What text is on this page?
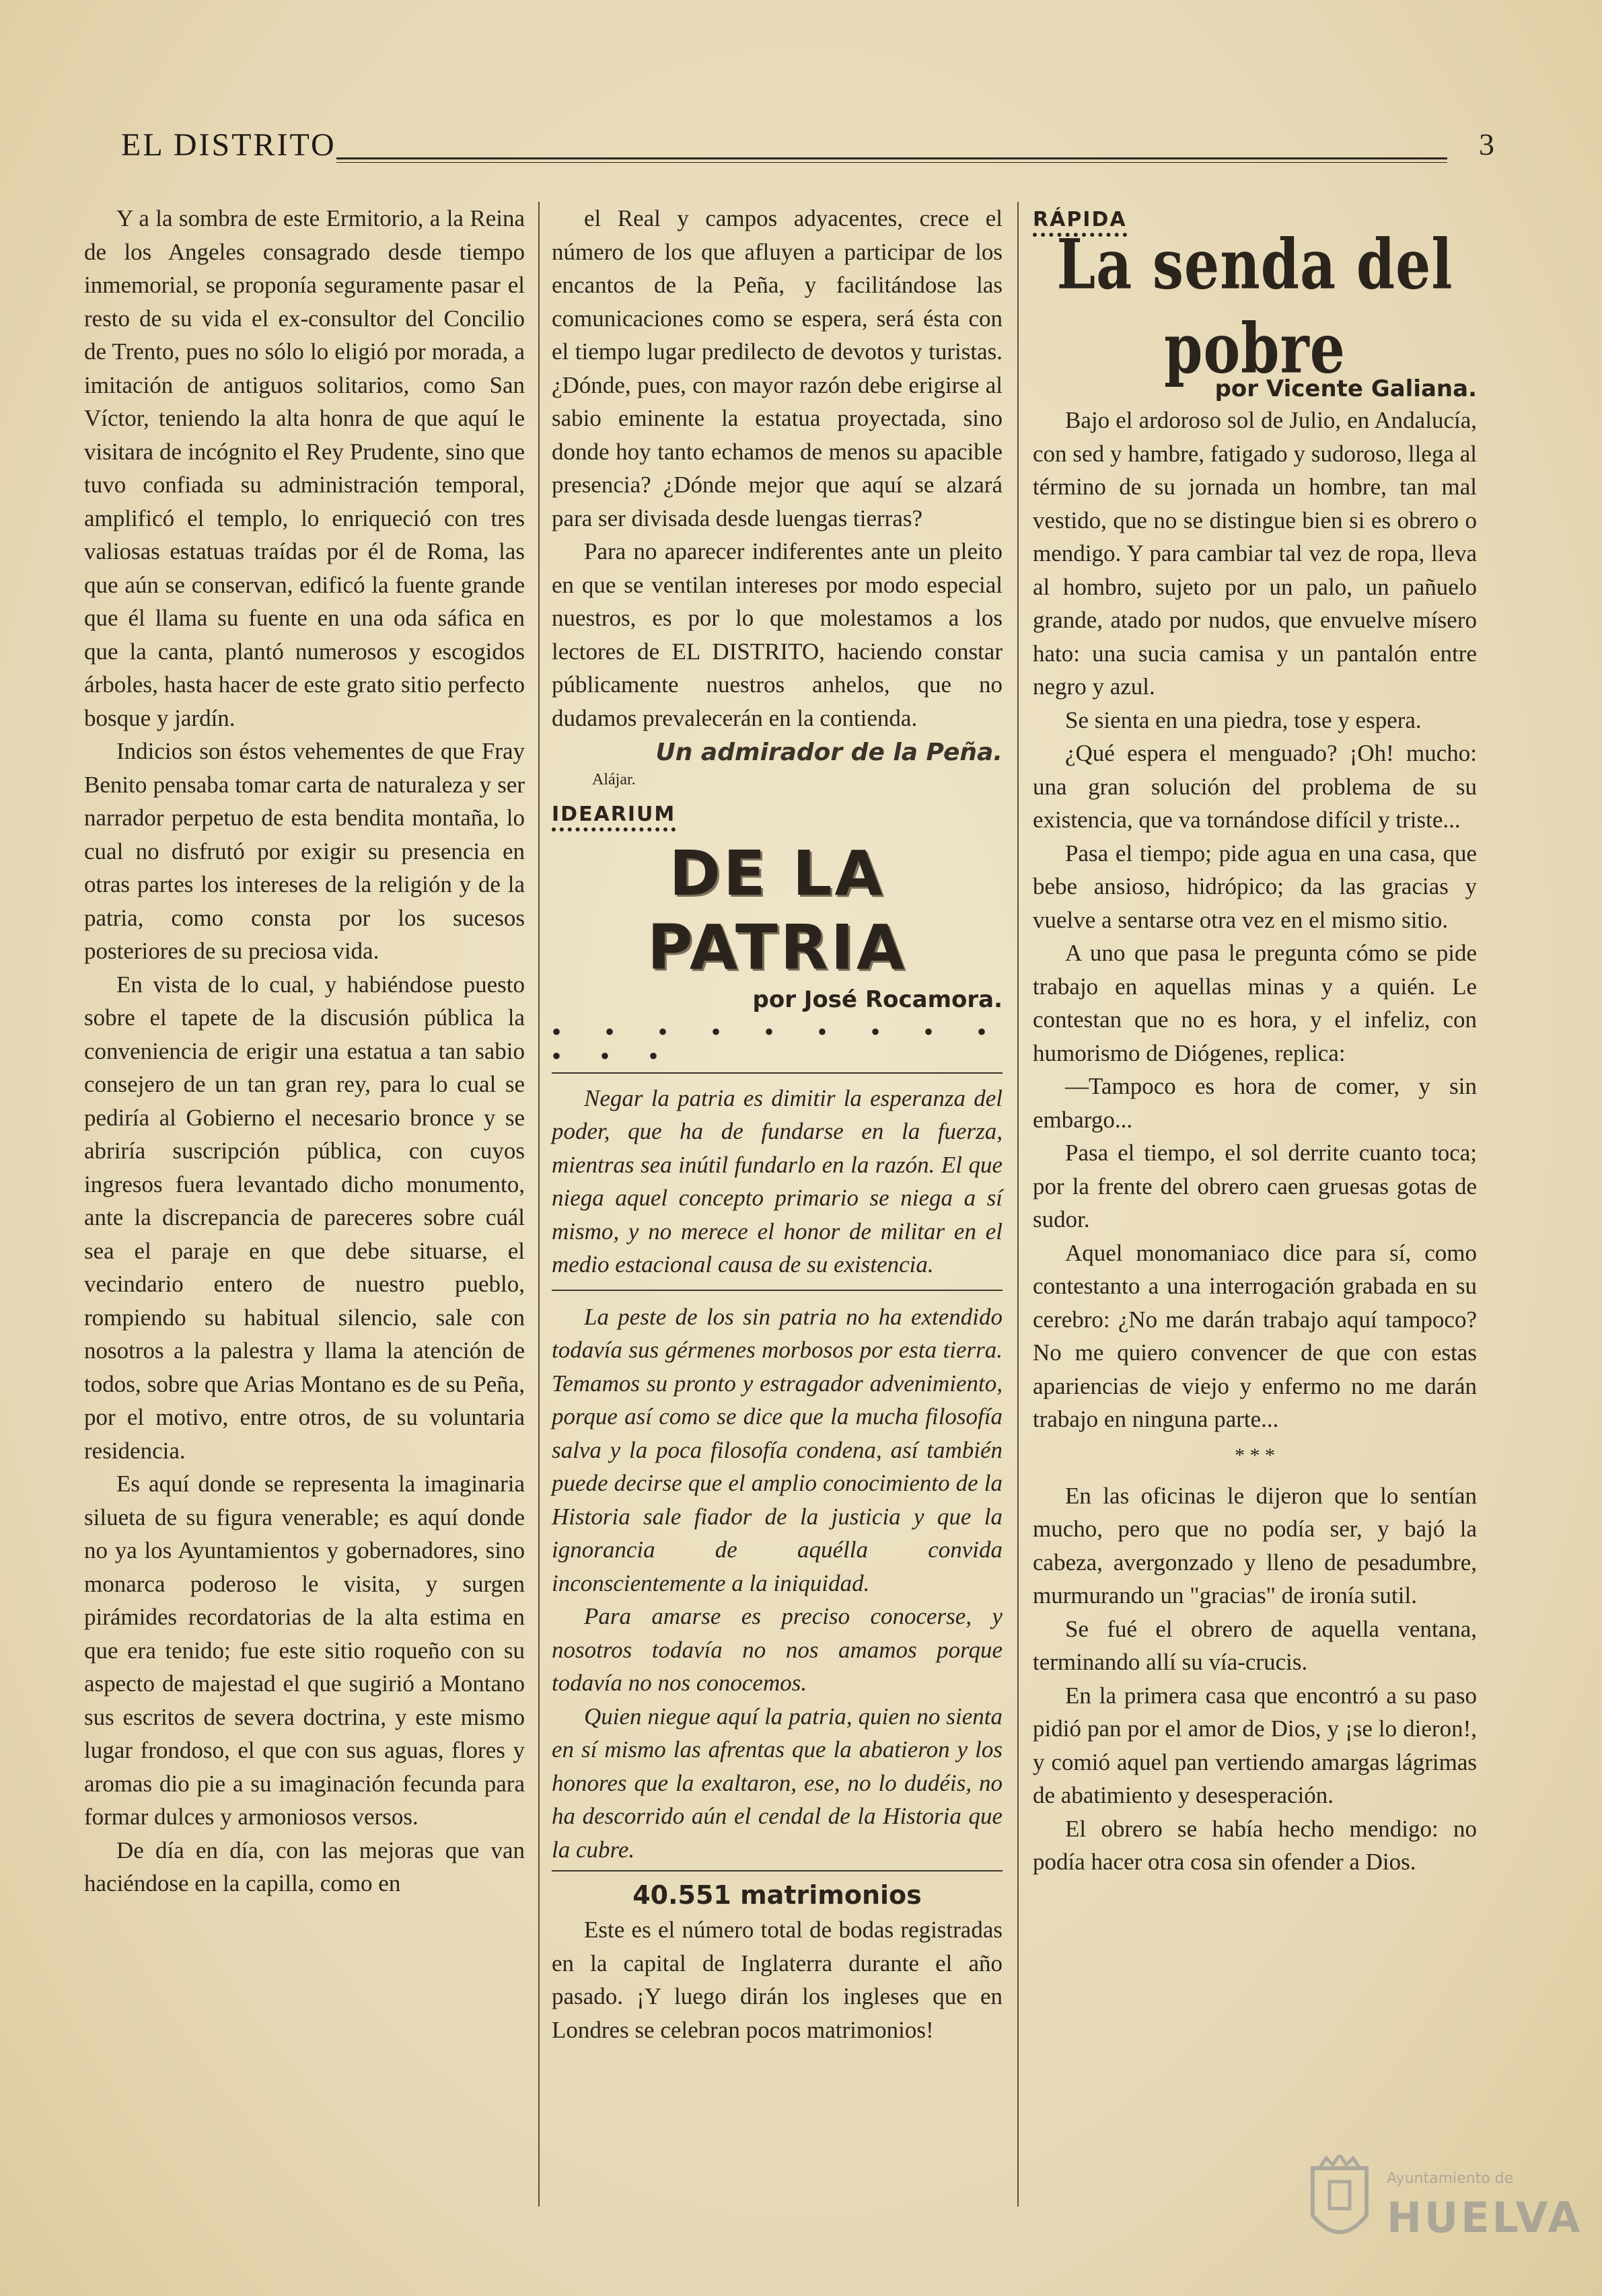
EL DISTRITO	3

Y a la sombra de este Ermitorio, a la Reina de los Angeles consagrado desde tiempo inmemorial, se proponía seguramente pasar el resto de su vida el ex-consultor del Concilio de Trento, pues no sólo lo eligió por morada, a imitación de antiguos solitarios, como San Víctor, teniendo la alta honra de que aquí le visitara de incógnito el Rey Prudente, sino que tuvo confiada su administración temporal, amplificó el templo, lo enriqueció con tres valiosas estatuas traídas por él de Roma, las que aún se conservan, edificó la fuente grande que él llama su fuente en una oda sáfica en que la canta, plantó numerosos y escogidos árboles, hasta hacer de este grato sitio perfecto bosque y jardín.

Indicios son éstos vehementes de que Fray Benito pensaba tomar carta de naturaleza y ser narrador perpetuo de esta bendita montaña, lo cual no disfrutó por exigir su presencia en otras partes los intereses de la religión y de la patria, como consta por los sucesos posteriores de su preciosa vida.

En vista de lo cual, y habiéndose puesto sobre el tapete de la discusión pública la conveniencia de erigir una estatua a tan sabio consejero de un tan gran rey, para lo cual se pediría al Gobierno el necesario bronce y se abriría suscripción pública, con cuyos ingresos fuera levantado dicho monumento, ante la discrepancia de pareceres sobre cuál sea el paraje en que debe situarse, el vecindario entero de nuestro pueblo, rompiendo su habitual silencio, sale con nosotros a la palestra y llama la atención de todos, sobre que Arias Montano es de su Peña, por el motivo, entre otros, de su voluntaria residencia.

Es aquí donde se representa la imaginaria silueta de su figura venerable; es aquí donde no ya los Ayuntamientos y gobernadores, sino monarca poderoso le visita, y surgen pirámides recordatorias de la alta estima en que era tenido; fue este sitio roqueño con su aspecto de majestad el que sugirió a Montano sus escritos de severa doctrina, y este mismo lugar frondoso, el que con sus aguas, flores y aromas dio pie a su imaginación fecunda para formar dulces y armoniosos versos.

De día en día, con las mejoras que van haciéndose en la capilla, como en

el Real y campos adyacentes, crece el número de los que afluyen a participar de los encantos de la Peña, y facilitándose las comunicaciones como se espera, será ésta con el tiempo lugar predilecto de devotos y turistas. ¿Dónde, pues, con mayor razón debe erigirse al sabio eminente la estatua proyectada, sino donde hoy tanto echamos de menos su apacible presencia? ¿Dónde mejor que aquí se alzará para ser divisada desde luengas tierras?

Para no aparecer indiferentes ante un pleito en que se ventilan intereses por modo especial nuestros, es por lo que molestamos a los lectores de EL DISTRITO, haciendo constar públicamente nuestros anhelos, que no dudamos prevalecerán en la contienda.

Un admirador de la Peña.
Alájar.
IDEARIUM
DE LA PATRIA
por José Rocamora.
• • • • • • • • • • • •

Negar la patria es dimitir la esperanza del poder, que ha de fundarse en la fuerza, mientras sea inútil fundarlo en la razón. El que niega aquel concepto primario se niega a sí mismo, y no merece el honor de militar en el medio estacional causa de su existencia.

La peste de los sin patria no ha extendido todavía sus gérmenes morbosos por esta tierra. Temamos su pronto y estragador advenimiento, porque así como se dice que la mucha filosofía salva y la poca filosofía condena, así también puede decirse que el amplio conocimiento de la Historia sale fiador de la justicia y que la ignorancia de aquélla convida inconscientemente a la iniquidad.

Para amarse es preciso conocerse, y nosotros todavía no nos amamos porque todavía no nos conocemos.

Quien niegue aquí la patria, quien no sienta en sí mismo las afrentas que la abatieron y los honores que la exaltaron, ese, no lo dudéis, no ha descorrido aún el cendal de la Historia que la cubre.

40.551 matrimonios

Este es el número total de bodas registradas en la capital de Inglaterra durante el año pasado. ¡Y luego dirán los ingleses que en Londres se celebran pocos matrimonios!

RÁPIDA
La senda del pobre
por Vicente Galiana.

Bajo el ardoroso sol de Julio, en Andalucía, con sed y hambre, fatigado y sudoroso, llega al término de su jornada un hombre, tan mal vestido, que no se distingue bien si es obrero o mendigo. Y para cambiar tal vez de ropa, lleva al hombro, sujeto por un palo, un pañuelo grande, atado por nudos, que envuelve mísero hato: una sucia camisa y un pantalón entre negro y azul.

Se sienta en una piedra, tose y espera.

¿Qué espera el menguado? ¡Oh! mucho: una gran solución del problema de su existencia, que va tornándose difícil y triste...

Pasa el tiempo; pide agua en una casa, que bebe ansioso, hidrópico; da las gracias y vuelve a sentarse otra vez en el mismo sitio.

A uno que pasa le pregunta cómo se pide trabajo en aquellas minas y a quién. Le contestan que no es hora, y el infeliz, con humorismo de Diógenes, replica:

—Tampoco es hora de comer, y sin embargo...

Pasa el tiempo, el sol derrite cuanto toca; por la frente del obrero caen gruesas gotas de sudor.

Aquel monomaniaco dice para sí, como contestanto a una interrogación grabada en su cerebro: ¿No me darán trabajo aquí tampoco? No me quiero convencer de que con estas apariencias de viejo y enfermo no me darán trabajo en ninguna parte...

* * *

En las oficinas le dijeron que lo sentían mucho, pero que no podía ser, y bajó la cabeza, avergonzado y lleno de pesadumbre, murmurando un "gracias" de ironía sutil.

Se fué el obrero de aquella ventana, terminando allí su vía-crucis.

En la primera casa que encontró a su paso pidió pan por el amor de Dios, y ¡se lo dieron!, y comió aquel pan vertiendo amargas lágrimas de abatimiento y desesperación.

El obrero se había hecho mendigo: no podía hacer otra cosa sin ofender a Dios.

Ayuntamiento de
HUELVA
